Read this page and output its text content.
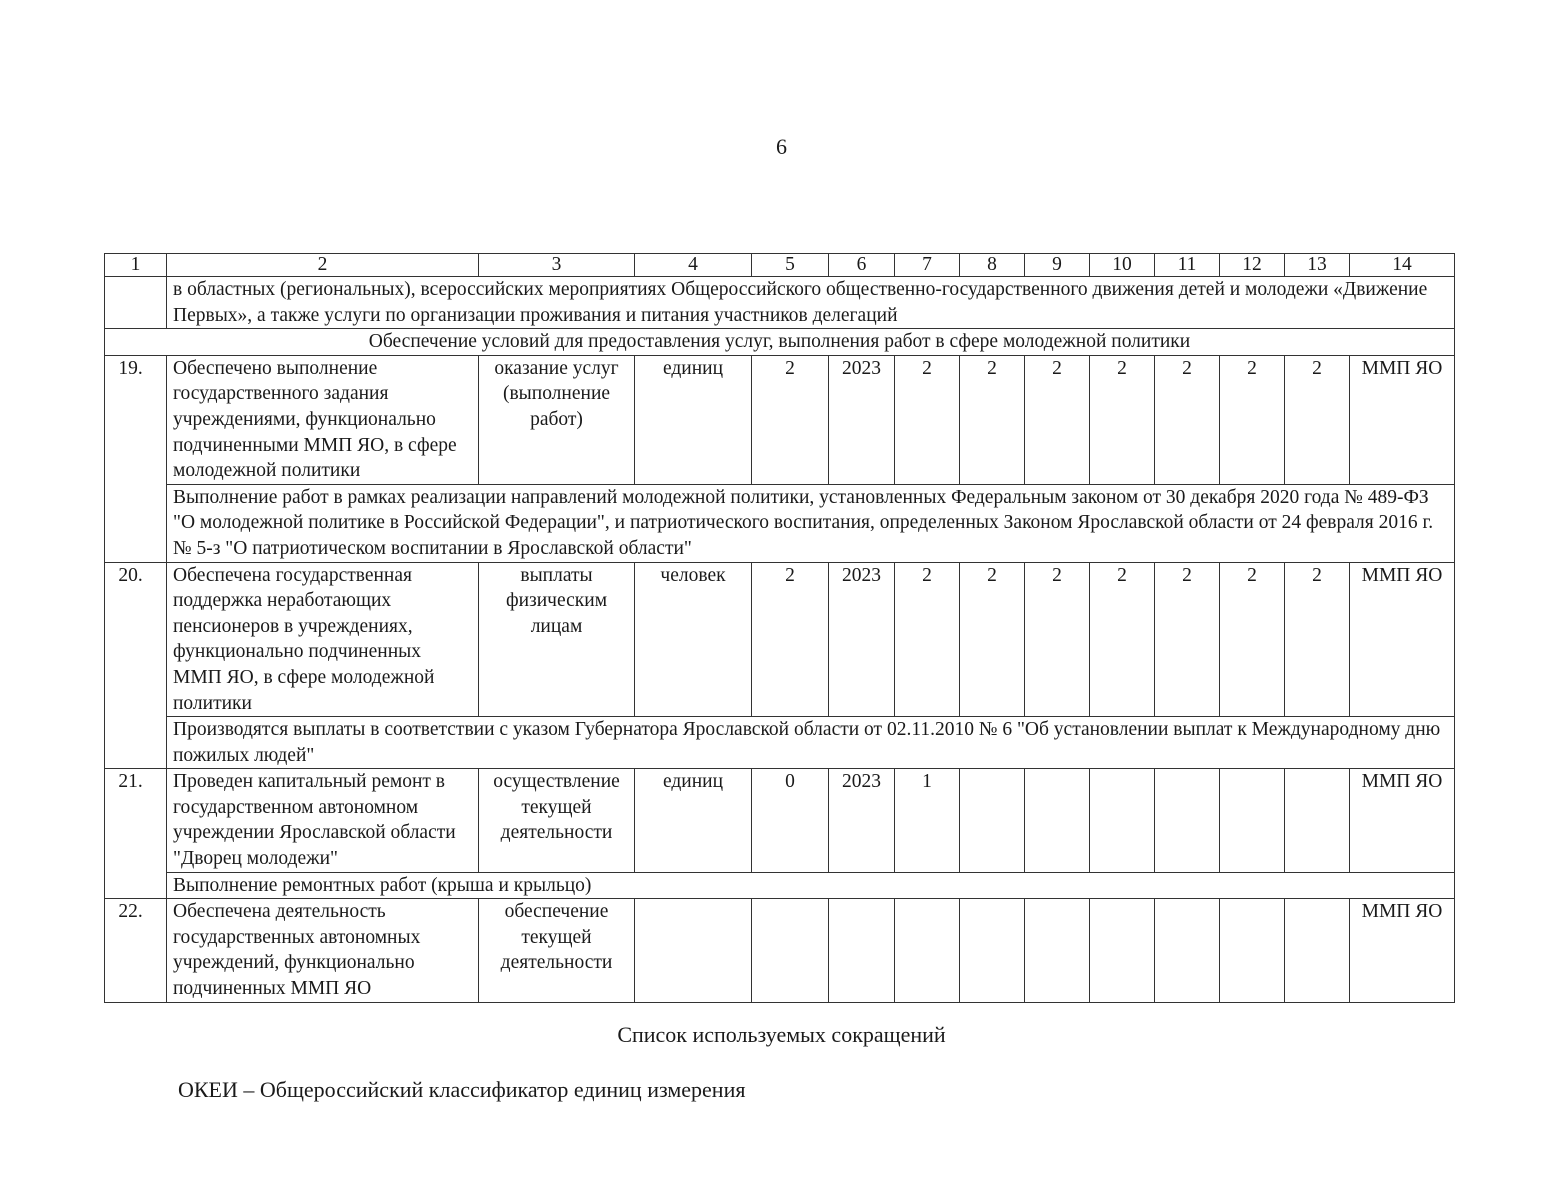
6
1	2	3	4	5	6	7	8	9	10	11	12	13	14
	в областных (региональных), всероссийских мероприятиях Общероссийского общественно-государственного движения детей и молодежи «Движение Первых», а также услуги по организации проживания и питания участников делегаций												
Обеспечение условий для предоставления услуг, выполнения работ в сфере молодежной политики													
19.	Обеспечено выполнение государственного задания учреждениями, функционально подчиненными ММП ЯО, в сфере молодежной политики	оказание услуг (выполнение работ)	единиц	2	2023	2	2	2	2	2	2	2	ММП ЯО
	Выполнение работ в рамках реализации направлений молодежной политики, установленных Федеральным законом от 30 декабря 2020 года № 489-ФЗ "О молодежной политике в Российской Федерации", и патриотического воспитания, определенных Законом Ярославской области от 24 февраля 2016 г. № 5-з "О патриотическом воспитании в Ярославской области"												
20.	Обеспечена государственная поддержка неработающих пенсионеров в учреждениях, функционально подчиненных ММП ЯО, в сфере молодежной политики	выплаты физическим лицам	человек	2	2023	2	2	2	2	2	2	2	ММП ЯО
	Производятся выплаты в соответствии с указом Губернатора Ярославской области от 02.11.2010 № 6 "Об установлении выплат к Международному дню пожилых людей"												
21.	Проведен капитальный ремонт в государственном автономном учреждении Ярославской области "Дворец молодежи"	осуществление текущей деятельности	единиц	0	2023	1							ММП ЯО
	Выполнение ремонтных работ (крыша и крыльцо)												
22.	Обеспечена деятельность государственных автономных учреждений, функционально подчиненных ММП ЯО	обеспечение текущей деятельности											ММП ЯО
Список используемых сокращений
ОКЕИ – Общероссийский классификатор единиц измерения
